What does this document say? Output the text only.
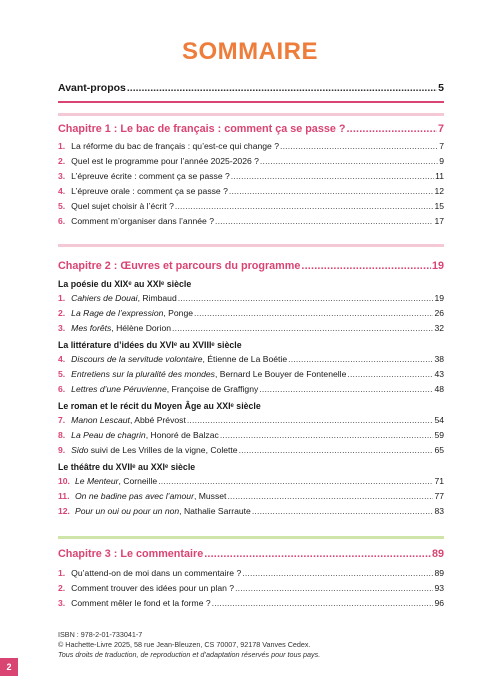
SOMMAIRE
Avant-propos .....	5
Chapitre 1 : Le bac de français : comment ça se passe ? .....	7
1. La réforme du bac de français : qu’est-ce qui change ? .....	7
2. Quel est le programme pour l’année 2025-2026 ? .....	9
3. L’épreuve écrite : comment ça se passe ? .....	11
4. L’épreuve orale : comment ça se passe ? .....	12
5. Quel sujet choisir à l’écrit ? .....	15
6. Comment m’organiser dans l’année ? .....	17
Chapitre 2 : Œuvres et parcours du programme .....	19
La poésie du XIXᵉ au XXIᵉ siècle
1. Cahiers de Douai, Rimbaud .....	19
2. La Rage de l’expression, Ponge .....	26
3. Mes forêts, Hélène Dorion .....	32
La littérature d’idées du XVIᵉ au XVIIIᵉ siècle
4. Discours de la servitude volontaire, Étienne de La Boétie .....	38
5. Entretiens sur la pluralité des mondes, Bernard Le Bouyer de Fontenelle .....	43
6. Lettres d’une Péruvienne, Françoise de Graffigny .....	48
Le roman et le récit du Moyen Âge au XXIᵉ siècle
7. Manon Lescaut, Abbé Prévost .....	54
8. La Peau de chagrin, Honoré de Balzac .....	59
9. Sido suivi de Les Vrilles de la vigne, Colette .....	65
Le théâtre du XVIIᵉ au XXIᵉ siècle
10. Le Menteur, Corneille .....	71
11. On ne badine pas avec l’amour, Musset .....	77
12. Pour un oui ou pour un non, Nathalie Sarraute .....	83
Chapitre 3 : Le commentaire .....	89
1. Qu’attend-on de moi dans un commentaire ? .....	89
2. Comment trouver des idées pour un plan ? .....	93
3. Comment mêler le fond et la forme ? .....	96
ISBN : 978-2-01-733041-7
© Hachette-Livre 2025, 58 rue Jean-Bleuzen, CS 70007, 92178 Vanves Cedex.
Tous droits de traduction, de reproduction et d’adaptation réservés pour tous pays.
2
